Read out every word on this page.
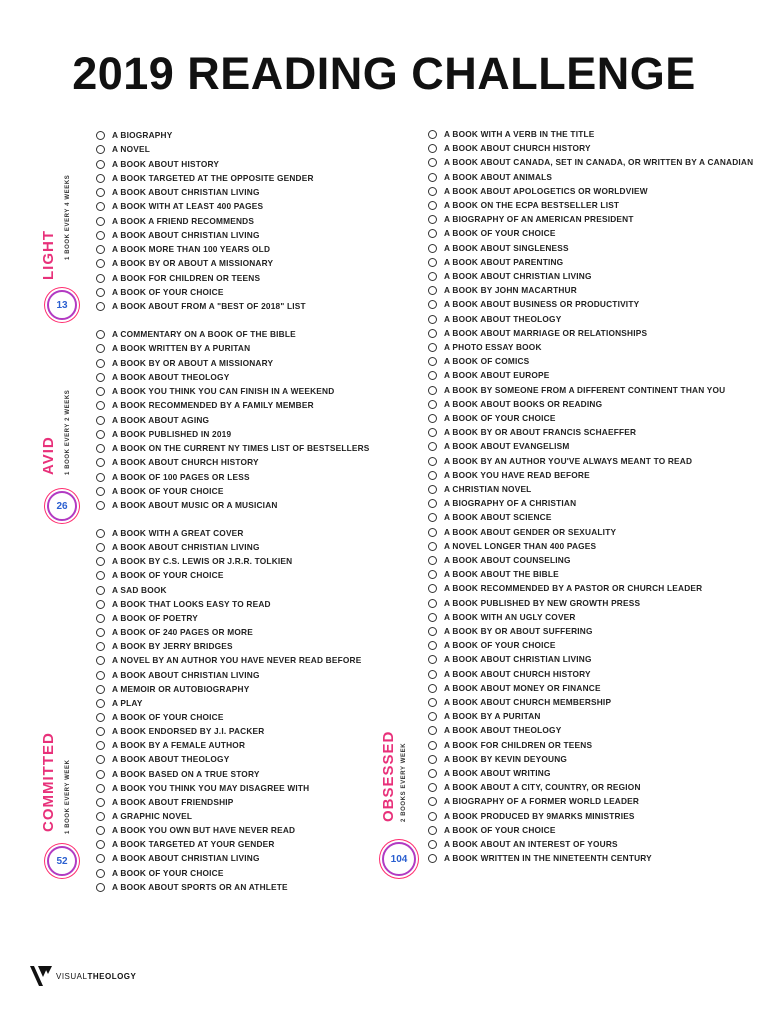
2019 READING CHALLENGE
A BIOGRAPHY
A NOVEL
A BOOK ABOUT HISTORY
A BOOK TARGETED AT THE OPPOSITE GENDER
A BOOK ABOUT CHRISTIAN LIVING
A BOOK WITH AT LEAST 400 PAGES
A BOOK A FRIEND RECOMMENDS
A BOOK ABOUT CHRISTIAN LIVING
A BOOK MORE THAN 100 YEARS OLD
A BOOK BY OR ABOUT A MISSIONARY
A BOOK FOR CHILDREN OR TEENS
A BOOK OF YOUR CHOICE
A BOOK ABOUT FROM A "BEST OF 2018" LIST
A COMMENTARY ON A BOOK OF THE BIBLE
A BOOK WRITTEN BY A PURITAN
A BOOK BY OR ABOUT A MISSIONARY
A BOOK ABOUT THEOLOGY
A BOOK YOU THINK YOU CAN FINISH IN A WEEKEND
A BOOK RECOMMENDED BY A FAMILY MEMBER
A BOOK ABOUT AGING
A BOOK PUBLISHED IN 2019
A BOOK ON THE CURRENT NY TIMES LIST OF BESTSELLERS
A BOOK ABOUT CHURCH HISTORY
A BOOK OF 100 PAGES OR LESS
A BOOK OF YOUR CHOICE
A BOOK ABOUT MUSIC OR A MUSICIAN
A BOOK WITH A GREAT COVER
A BOOK ABOUT CHRISTIAN LIVING
A BOOK BY C.S. LEWIS OR J.R.R. TOLKIEN
A BOOK OF YOUR CHOICE
A SAD BOOK
A BOOK THAT LOOKS EASY TO READ
A BOOK OF POETRY
A BOOK OF 240 PAGES OR MORE
A BOOK BY JERRY BRIDGES
A NOVEL BY AN AUTHOR YOU HAVE NEVER READ BEFORE
A BOOK ABOUT CHRISTIAN LIVING
A MEMOIR OR AUTOBIOGRAPHY
A PLAY
A BOOK OF YOUR CHOICE
A BOOK ENDORSED BY J.I. PACKER
A BOOK BY A FEMALE AUTHOR
A BOOK ABOUT THEOLOGY
A BOOK BASED ON A TRUE STORY
A BOOK YOU THINK YOU MAY DISAGREE WITH
A BOOK ABOUT FRIENDSHIP
A GRAPHIC NOVEL
A BOOK YOU OWN BUT HAVE NEVER READ
A BOOK TARGETED AT YOUR GENDER
A BOOK ABOUT CHRISTIAN LIVING
A BOOK OF YOUR CHOICE
A BOOK ABOUT SPORTS OR AN ATHLETE
A BOOK WITH A VERB IN THE TITLE
A BOOK ABOUT CHURCH HISTORY
A BOOK ABOUT CANADA, SET IN CANADA, OR WRITTEN BY A CANADIAN
A BOOK ABOUT ANIMALS
A BOOK ABOUT APOLOGETICS OR WORLDVIEW
A BOOK ON THE ECPA BESTSELLER LIST
A BIOGRAPHY OF AN AMERICAN PRESIDENT
A BOOK OF YOUR CHOICE
A BOOK ABOUT SINGLENESS
A BOOK ABOUT PARENTING
A BOOK ABOUT CHRISTIAN LIVING
A BOOK BY JOHN MACARTHUR
A BOOK ABOUT BUSINESS OR PRODUCTIVITY
A BOOK ABOUT THEOLOGY
A BOOK ABOUT MARRIAGE OR RELATIONSHIPS
A PHOTO ESSAY BOOK
A BOOK OF COMICS
A BOOK ABOUT EUROPE
A BOOK BY SOMEONE FROM A DIFFERENT CONTINENT THAN YOU
A BOOK ABOUT BOOKS OR READING
A BOOK OF YOUR CHOICE
A BOOK BY OR ABOUT FRANCIS SCHAEFFER
A BOOK ABOUT EVANGELISM
A BOOK BY AN AUTHOR YOU'VE ALWAYS MEANT TO READ
A BOOK YOU HAVE READ BEFORE
A CHRISTIAN NOVEL
A BIOGRAPHY OF A CHRISTIAN
A BOOK ABOUT SCIENCE
A BOOK ABOUT GENDER OR SEXUALITY
A NOVEL LONGER THAN 400 PAGES
A BOOK ABOUT COUNSELING
A BOOK ABOUT THE BIBLE
A BOOK RECOMMENDED BY A PASTOR OR CHURCH LEADER
A BOOK PUBLISHED BY NEW GROWTH PRESS
A BOOK WITH AN UGLY COVER
A BOOK BY OR ABOUT SUFFERING
A BOOK OF YOUR CHOICE
A BOOK ABOUT CHRISTIAN LIVING
A BOOK ABOUT CHURCH HISTORY
A BOOK ABOUT MONEY OR FINANCE
A BOOK ABOUT CHURCH MEMBERSHIP
A BOOK BY A PURITAN
A BOOK ABOUT THEOLOGY
A BOOK FOR CHILDREN OR TEENS
A BOOK BY KEVIN DEYOUNG
A BOOK ABOUT WRITING
A BOOK ABOUT A CITY, COUNTRY, OR REGION
A BIOGRAPHY OF A FORMER WORLD LEADER
A BOOK PRODUCED BY 9MARKS MINISTRIES
A BOOK OF YOUR CHOICE
A BOOK ABOUT AN INTEREST OF YOURS
A BOOK WRITTEN IN THE NINETEENTH CENTURY
LIGHT 1 BOOK EVERY 4 WEEKS
13
AVID 1 BOOK EVERY 2 WEEKS
26
COMMITTED 1 BOOK EVERY WEEK
52
OBSESSED 2 BOOKS EVERY WEEK
104
VISUALTHEOLOGY
